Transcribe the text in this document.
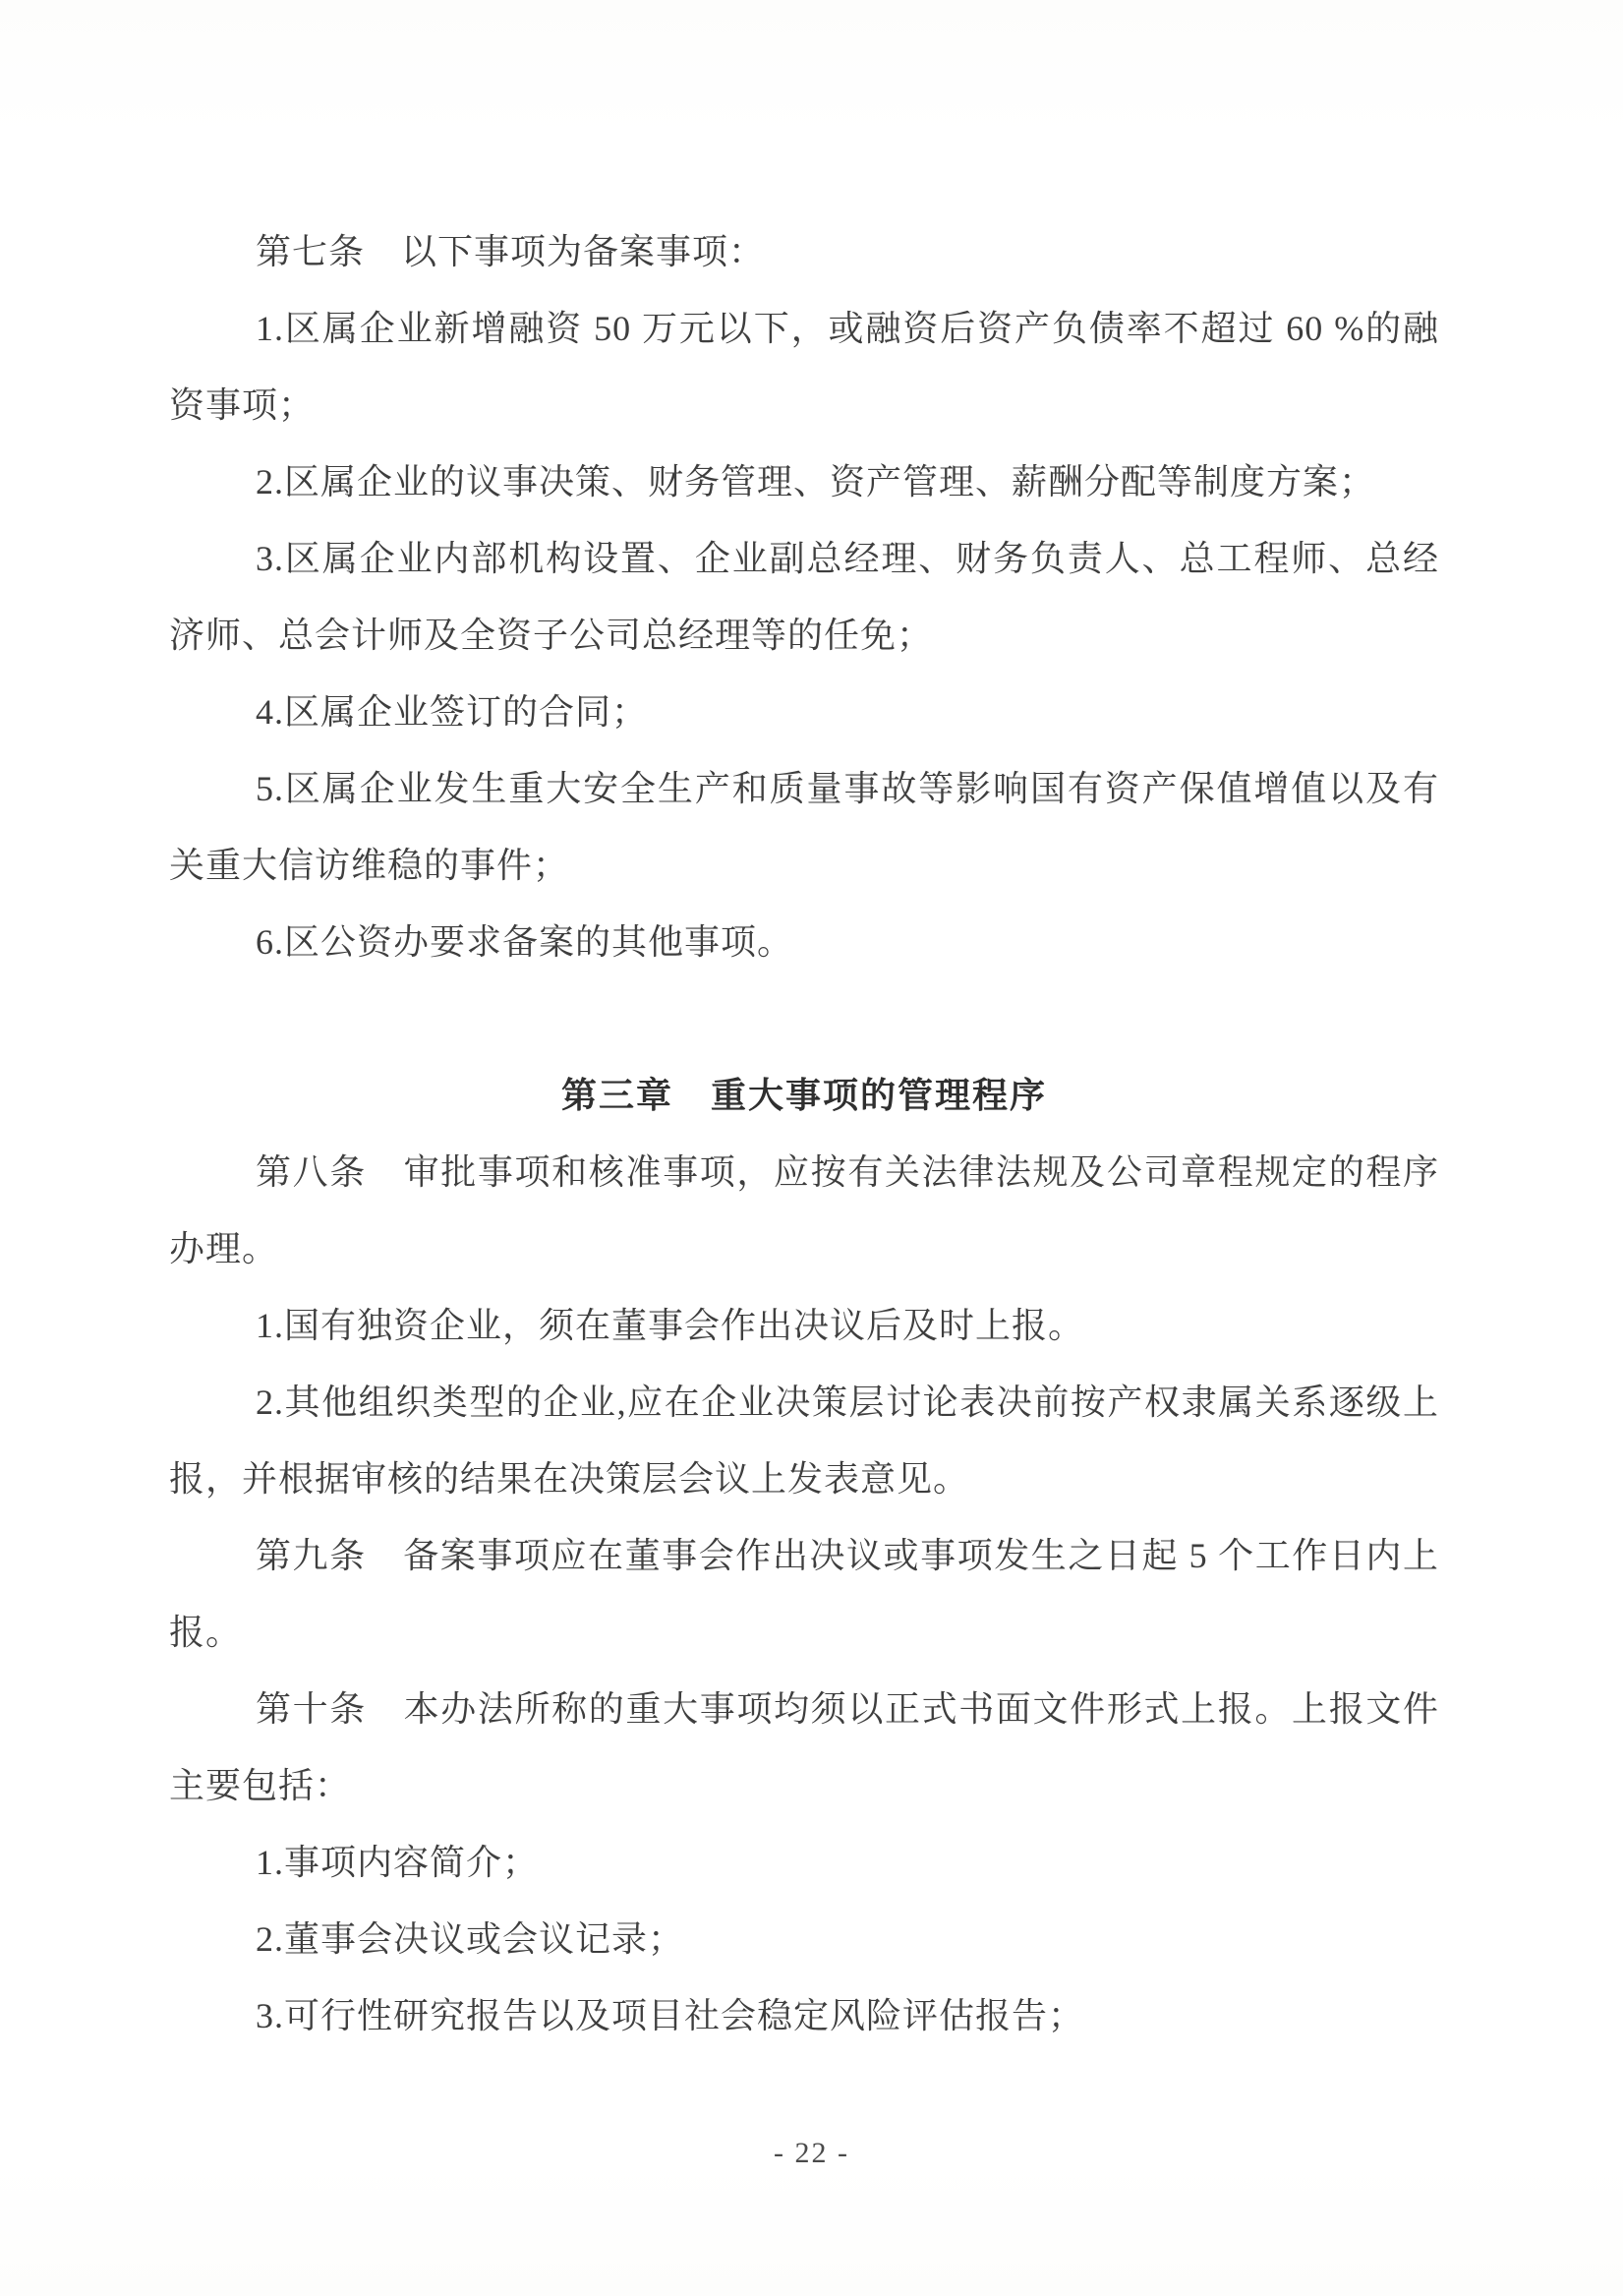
第七条　以下事项为备案事项：

1.区属企业新增融资 50 万元以下，或融资后资产负债率不超过 60 %的融资事项；

2.区属企业的议事决策、财务管理、资产管理、薪酬分配等制度方案；

3.区属企业内部机构设置、企业副总经理、财务负责人、总工程师、总经济师、总会计师及全资子公司总经理等的任免；

4.区属企业签订的合同；

5.区属企业发生重大安全生产和质量事故等影响国有资产保值增值以及有关重大信访维稳的事件；

6.区公资办要求备案的其他事项。

第三章　重大事项的管理程序

第八条　审批事项和核准事项，应按有关法律法规及公司章程规定的程序办理。

1.国有独资企业，须在董事会作出决议后及时上报。

2.其他组织类型的企业,应在企业决策层讨论表决前按产权隶属关系逐级上报，并根据审核的结果在决策层会议上发表意见。

第九条　备案事项应在董事会作出决议或事项发生之日起 5 个工作日内上报。

第十条　本办法所称的重大事项均须以正式书面文件形式上报。上报文件主要包括：

1.事项内容简介；

2.董事会决议或会议记录；

3.可行性研究报告以及项目社会稳定风险评估报告；

- 22 -
